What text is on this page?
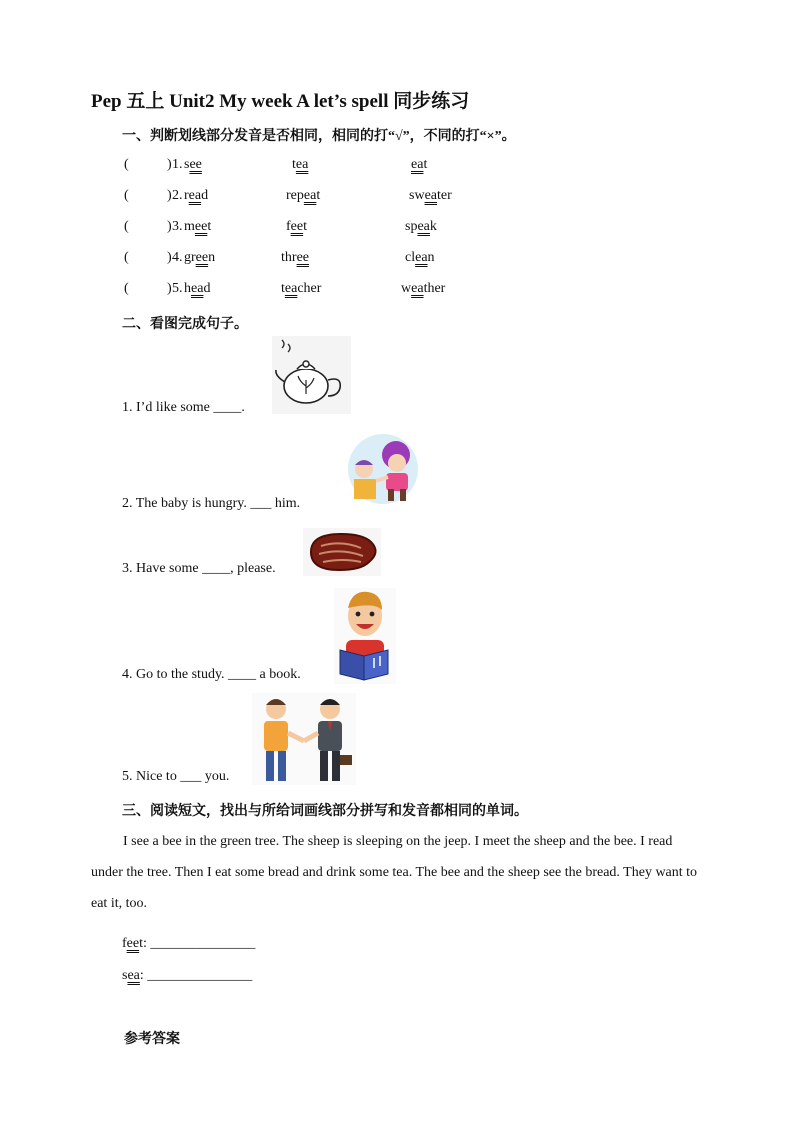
Pep 五上 Unit2 My week A let’s spell 同步练习
一、判断划线部分发音是否相同，相同的打“√”，不同的打“×”。
(	) 1. see	tea	eat
(	) 2. read	repeat	sweater
(	) 3. meet	feet	speak
(	) 4. green	three	clean
(	) 5. head	teacher	weather
二、看图完成句子。
1. I’d like some ____.
2. The baby is hungry. ___ him.
3. Have some ____, please.
4. Go to the study. ____ a book.
5. Nice to ___ you.
三、阅读短文，找出与所给词画线部分拼写和发音都相同的单词。
I see a bee in the green tree. The sheep is sleeping on the jeep. I meet the sheep and the bee. I read under the tree. Then I eat some bread and drink some tea. The bee and the sheep see the bread. They want to eat it, too.
feet: _______________
sea: _______________
参考答案
